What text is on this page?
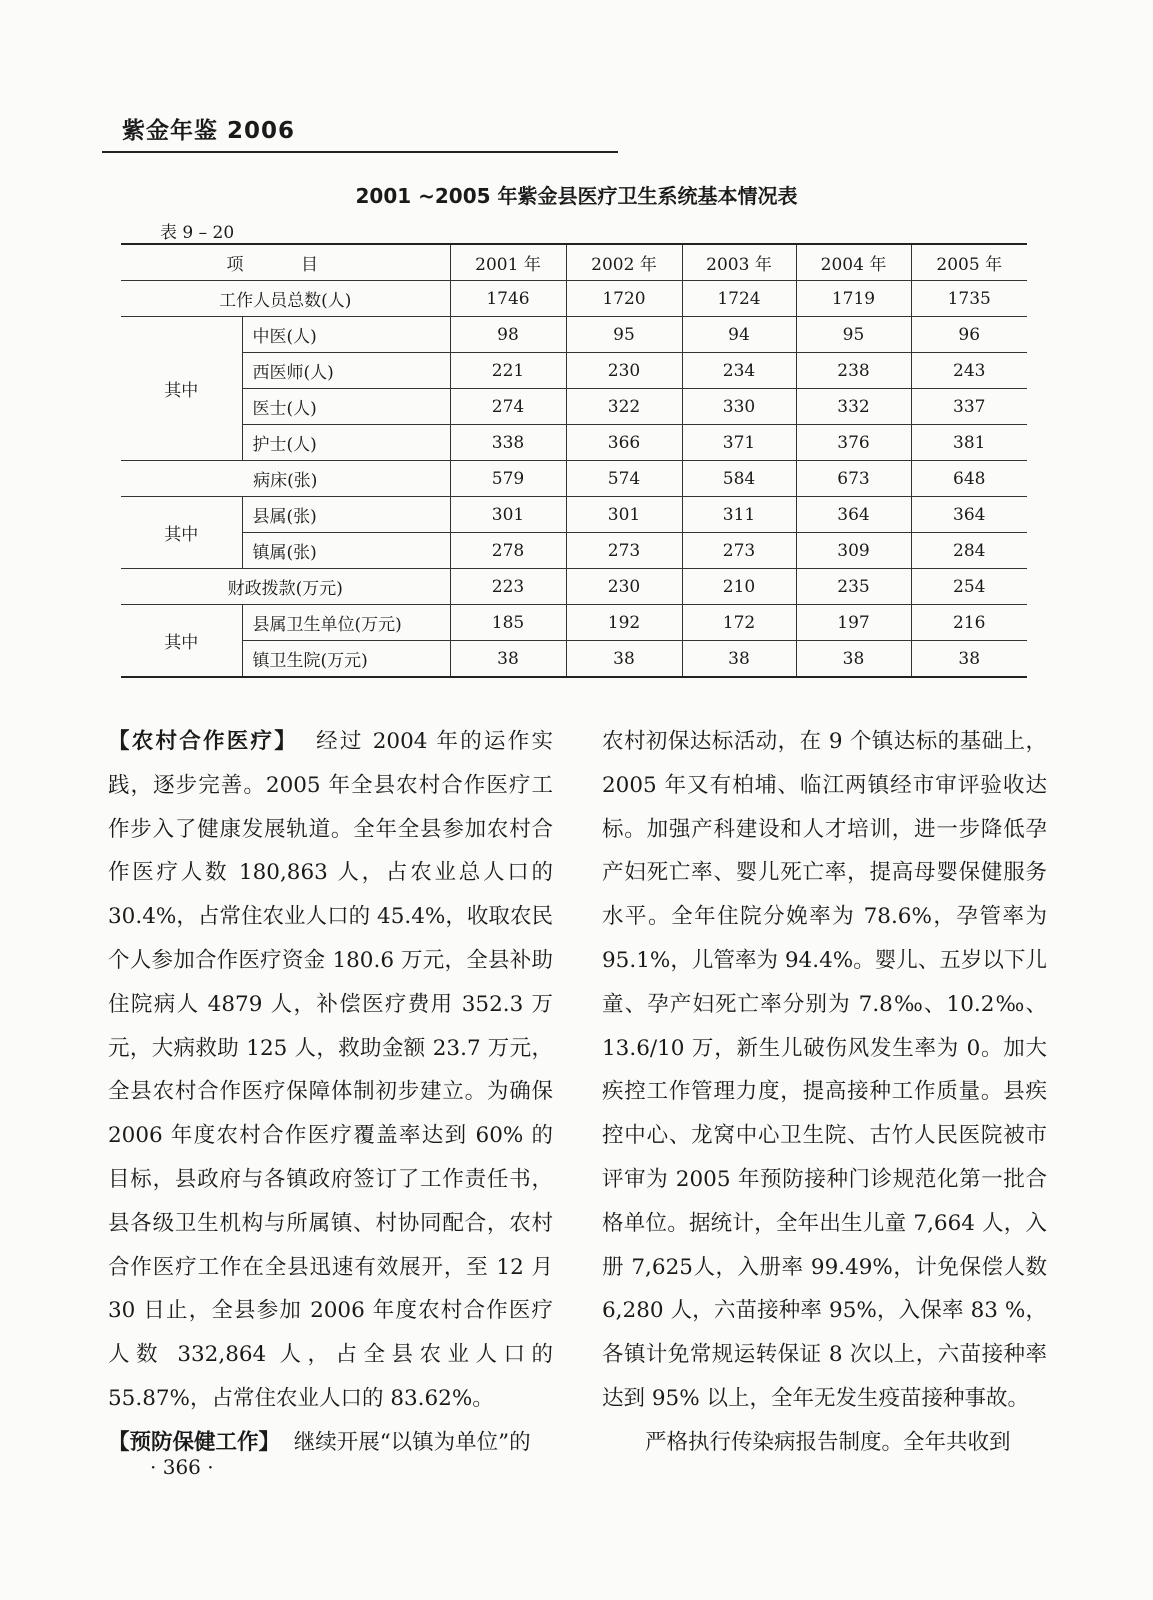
紫金年鉴 2006
2001 ~2005 年紫金县医疗卫生系统基本情况表
表 9 – 20
项 目		2001 年	2002 年	2003 年	2004 年	2005 年
工作人员总数(人)		1746	1720	1724	1719	1735
其中	中医(人)	98	95	94	95	96
	西医师(人)	221	230	234	238	243
	医士(人)	274	322	330	332	337
	护士(人)	338	366	371	376	381
病床(张)		579	574	584	673	648
其中	县属(张)	301	301	311	364	364
	镇属(张)	278	273	273	309	284
财政拨款(万元)		223	230	210	235	254
其中	县属卫生单位(万元)	185	192	172	197	216
	镇卫生院(万元)	38	38	38	38	38

【农村合作医疗】 经过 2004 年的运作实践，逐步完善。2005 年全县农村合作医疗工作步入了健康发展轨道。全年全县参加农村合作医疗人数 180,863 人，占农业总人口的 30.4%，占常住农业人口的 45.4%，收取农民个人参加合作医疗资金 180.6 万元，全县补助住院病人 4879 人，补偿医疗费用 352.3 万元，大病救助 125 人，救助金额 23.7 万元，全县农村合作医疗保障体制初步建立。为确保 2006 年度农村合作医疗覆盖率达到 60% 的目标，县政府与各镇政府签订了工作责任书，县各级卫生机构与所属镇、村协同配合，农村合作医疗工作在全县迅速有效展开，至 12 月 30 日止，全县参加 2006 年度农村合作医疗人数 332,864 人，占全县农业人口的 55.87%，占常住农业人口的 83.62%。

【预防保健工作】 继续开展“以镇为单位”的

农村初保达标活动，在 9 个镇达标的基础上，2005 年又有柏埔、临江两镇经市审评验收达标。加强产科建设和人才培训，进一步降低孕产妇死亡率、婴儿死亡率，提高母婴保健服务水平。全年住院分娩率为 78.6%，孕管率为 95.1%，儿管率为 94.4%。婴儿、五岁以下儿童、孕产妇死亡率分别为 7.8‰、10.2‰、13.6/10 万，新生儿破伤风发生率为 0。加大疾控工作管理力度，提高接种工作质量。县疾控中心、龙窝中心卫生院、古竹人民医院被市评审为 2005 年预防接种门诊规范化第一批合格单位。据统计，全年出生儿童 7,664 人，入册 7,625人，入册率 99.49%，计免保偿人数6,280 人，六苗接种率 95%，入保率 83 %，各镇计免常规运转保证 8 次以上，六苗接种率达到 95% 以上，全年无发生疫苗接种事故。

严格执行传染病报告制度。全年共收到

· 366 ·
